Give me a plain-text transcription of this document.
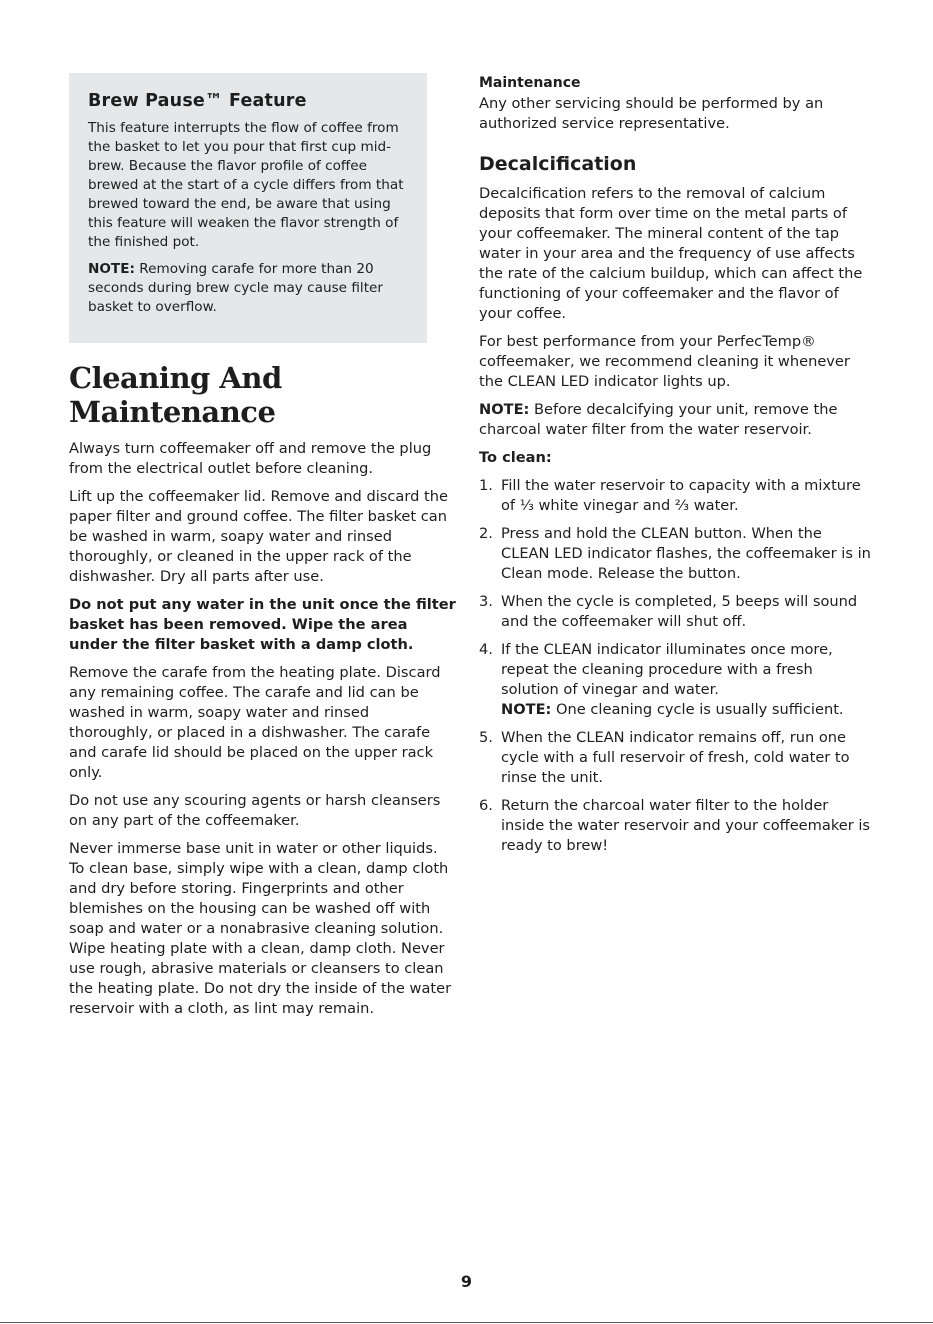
Brew Pause™ Feature

This feature interrupts the flow of coffee from the basket to let you pour that first cup mid-brew. Because the flavor profile of coffee brewed at the start of a cycle differs from that brewed toward the end, be aware that using this feature will weaken the flavor strength of the finished pot.

NOTE: Removing carafe for more than 20 seconds during brew cycle may cause filter basket to overflow.

Cleaning And Maintenance

Always turn coffeemaker off and remove the plug from the electrical outlet before cleaning.

Lift up the coffeemaker lid. Remove and discard the paper filter and ground coffee. The filter basket can be washed in warm, soapy water and rinsed thoroughly, or cleaned in the upper rack of the dishwasher. Dry all parts after use.

Do not put any water in the unit once the filter basket has been removed. Wipe the area under the filter basket with a damp cloth.

Remove the carafe from the heating plate. Discard any remaining coffee. The carafe and lid can be washed in warm, soapy water and rinsed thoroughly, or placed in a dishwasher. The carafe and carafe lid should be placed on the upper rack only.

Do not use any scouring agents or harsh cleansers on any part of the coffeemaker.

Never immerse base unit in water or other liquids. To clean base, simply wipe with a clean, damp cloth and dry before storing. Fingerprints and other blemishes on the housing can be washed off with soap and water or a nonabrasive cleaning solution. Wipe heating plate with a clean, damp cloth. Never use rough, abrasive materials or cleansers to clean the heating plate. Do not dry the inside of the water reservoir with a cloth, as lint may remain.

Maintenance

Any other servicing should be performed by an authorized service representative.

Decalcification

Decalcification refers to the removal of calcium deposits that form over time on the metal parts of your coffeemaker. The mineral content of the tap water in your area and the frequency of use affects the rate of the calcium buildup, which can affect the functioning of your coffeemaker and the flavor of your coffee.

For best performance from your PerfecTemp® coffeemaker, we recommend cleaning it whenever the CLEAN LED indicator lights up.

NOTE: Before decalcifying your unit, remove the charcoal water filter from the water reservoir.

To clean:

1. Fill the water reservoir to capacity with a mixture of ⅓ white vinegar and ⅔ water.
2. Press and hold the CLEAN button. When the CLEAN LED indicator flashes, the coffeemaker is in Clean mode. Release the button.
3. When the cycle is completed, 5 beeps will sound and the coffeemaker will shut off.
4. If the CLEAN indicator illuminates once more, repeat the cleaning procedure with a fresh solution of vinegar and water.
NOTE: One cleaning cycle is usually sufficient.
5. When the CLEAN indicator remains off, run one cycle with a full reservoir of fresh, cold water to rinse the unit.
6. Return the charcoal water filter to the holder inside the water reservoir and your coffeemaker is ready to brew!
9
